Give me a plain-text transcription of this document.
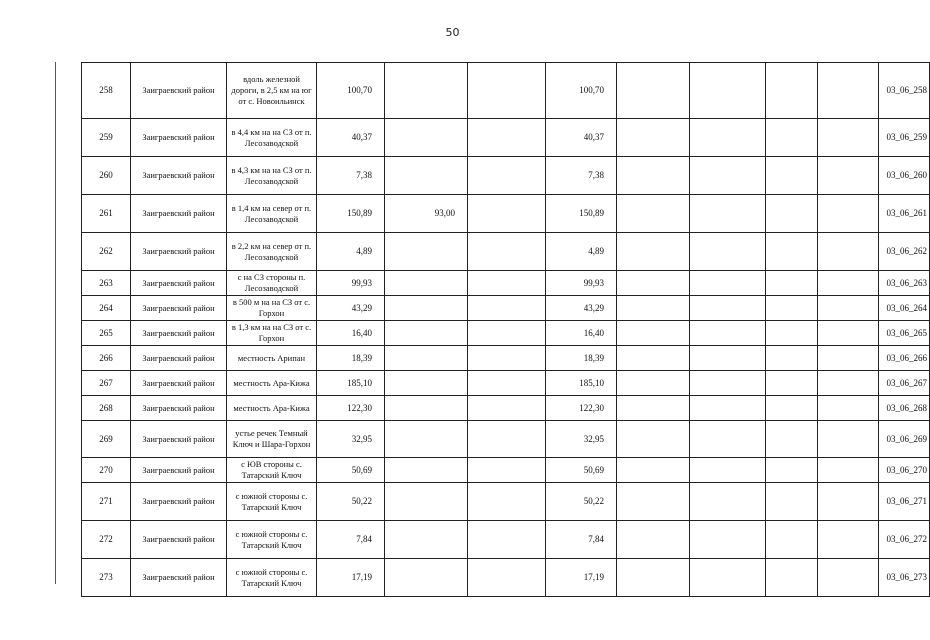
50
258	Заиграевский район	вдоль железной дороги, в 2,5 км на юг от с. Новоильинск	100,70			100,70					03_06_258
259	Заиграевский район	в 4,4 км на на СЗ от п. Лесозаводской	40,37			40,37					03_06_259
260	Заиграевский район	в 4,3 км на на СЗ от п. Лесозаводской	7,38			7,38					03_06_260
261	Заиграевский район	в 1,4 км на север от п. Лесозаводской	150,89	93,00		150,89					03_06_261
262	Заиграевский район	в 2,2 км на север от п. Лесозаводской	4,89			4,89					03_06_262
263	Заиграевский район	с на СЗ стороны п. Лесозаводской	99,93			99,93					03_06_263
264	Заиграевский район	в 500 м на на СЗ от с. Горхон	43,29			43,29					03_06_264
265	Заиграевский район	в 1,3 км на на СЗ от с. Горхон	16,40			16,40					03_06_265
266	Заиграевский район	местность Арипан	18,39			18,39					03_06_266
267	Заиграевский район	местность Ара-Кижа	185,10			185,10					03_06_267
268	Заиграевский район	местность Ара-Кижа	122,30			122,30					03_06_268
269	Заиграевский район	устье речек Темный Ключ и Шара-Горхон	32,95			32,95					03_06_269
270	Заиграевский район	с ЮВ стороны с. Татарский Ключ	50,69			50,69					03_06_270
271	Заиграевский район	с южной стороны с. Татарский Ключ	50,22			50,22					03_06_271
272	Заиграевский район	с южной стороны с. Татарский Ключ	7,84			7,84					03_06_272
273	Заиграевский район	с южной стороны с. Татарский Ключ	17,19			17,19					03_06_273
